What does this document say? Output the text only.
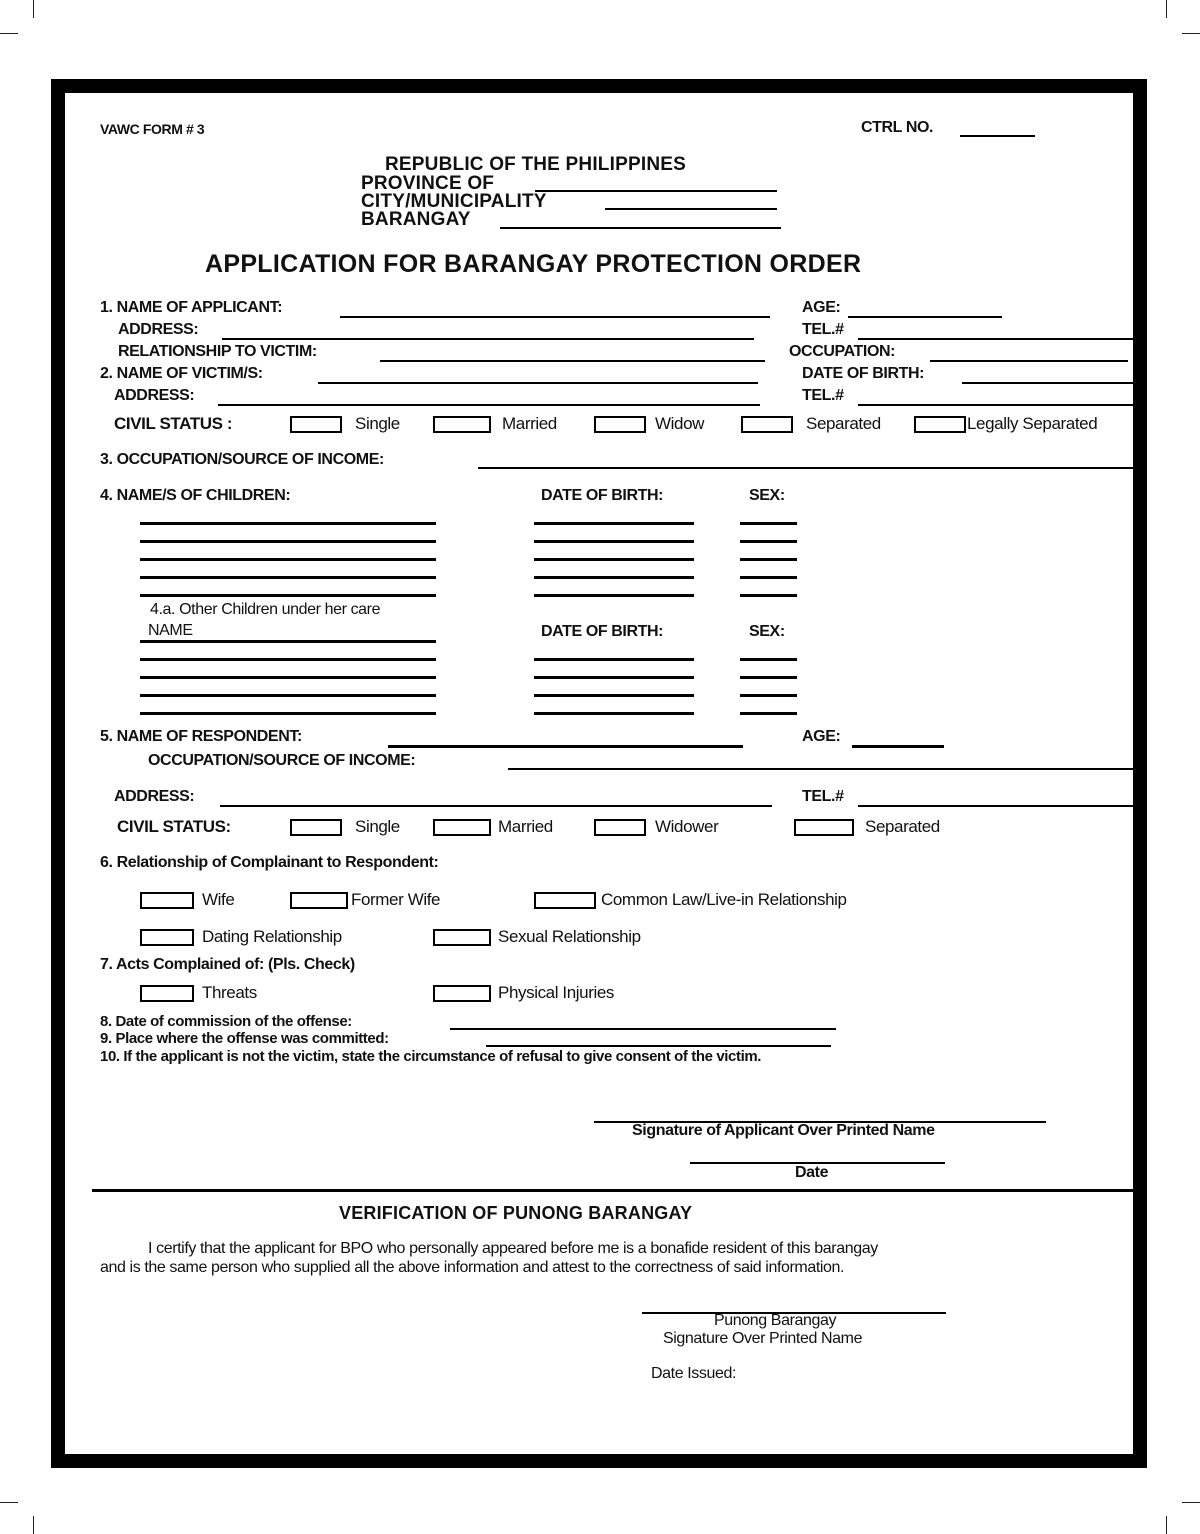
VAWC FORM # 3	CTRL NO.
REPUBLIC OF THE PHILIPPINES
PROVINCE OF
CITY/MUNICIPALITY
BARANGAY
APPLICATION FOR BARANGAY PROTECTION ORDER
1. NAME OF APPLICANT:	AGE:
ADDRESS:	TEL.#
RELATIONSHIP TO VICTIM:	OCCUPATION:
2. NAME OF VICTIM/S:	DATE OF BIRTH:
ADDRESS:	TEL.#
CIVIL STATUS :	Single	Married	Widow	Separated	Legally Separated
3. OCCUPATION/SOURCE OF INCOME:
4. NAME/S OF CHILDREN:	DATE OF BIRTH:	SEX:
4.a. Other Children under her care
NAME	DATE OF BIRTH:	SEX:
5. NAME OF RESPONDENT:	AGE:
OCCUPATION/SOURCE OF INCOME:
ADDRESS:	TEL.#
CIVIL STATUS:	Single	Married	Widower	Separated
6. Relationship of Complainant to Respondent:
Wife	Former Wife	Common Law/Live-in Relationship
Dating Relationship	Sexual Relationship
7. Acts Complained of: (Pls. Check)
Threats	Physical Injuries
8. Date of commission of the offense:
9. Place where the offense was committed:
10. If the applicant is not the victim, state the circumstance of refusal to give consent of the victim.
Signature of Applicant Over Printed Name
Date
VERIFICATION OF PUNONG BARANGAY
I certify that the applicant for BPO who personally appeared before me is a bonafide resident of this barangay
and is the same person who supplied all the above information and attest to the correctness of said information.
Punong Barangay
Signature Over Printed Name
Date Issued:
